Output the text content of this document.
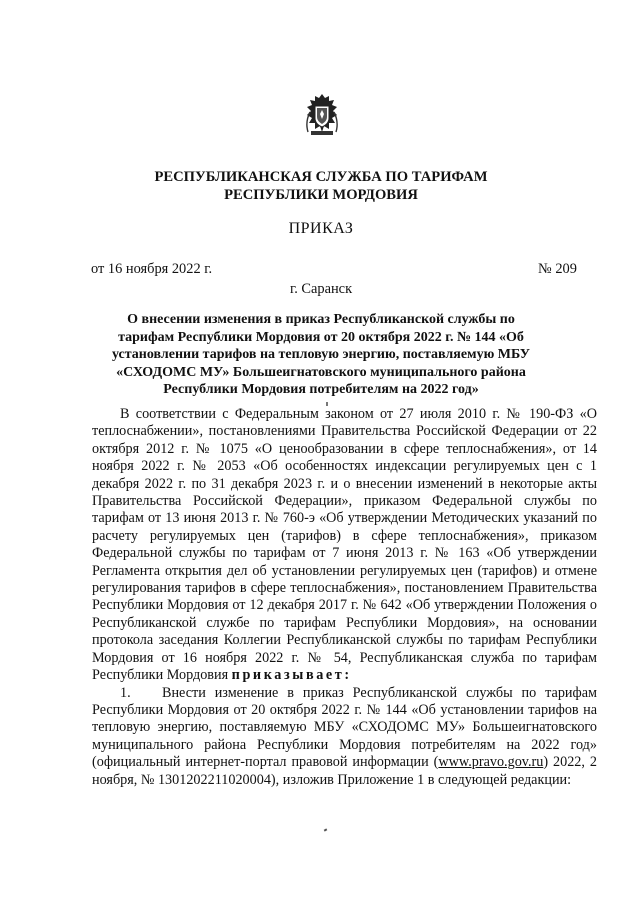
РЕСПУБЛИКАНСКАЯ СЛУЖБА ПО ТАРИФАМ
РЕСПУБЛИКИ МОРДОВИЯ
ПРИКАЗ
от 16 ноября 2022 г.	№ 209
г. Саранск
О внесении изменения в приказ Республиканской службы по тарифам Республики Мордовия от 20 октября 2022 г. № 144 «Об установлении тарифов на тепловую энергию, поставляемую МБУ «СХОДОМС МУ» Большеигнатовского муниципального района Республики Мордовия потребителям на 2022 год»

В соответствии с Федеральным законом от 27 июля 2010 г. № 190-ФЗ «О теплоснабжении», постановлениями Правительства Российской Федерации от 22 октября 2012 г. № 1075 «О ценообразовании в сфере теплоснабжения», от 14 ноября 2022 г. № 2053 «Об особенностях индексации регулируемых цен с 1 декабря 2022 г. по 31 декабря 2023 г. и о внесении изменений в некоторые акты Правительства Российской Федерации», приказом Федеральной службы по тарифам от 13 июня 2013 г. № 760-э «Об утверждении Методических указаний по расчету регулируемых цен (тарифов) в сфере теплоснабжения», приказом Федеральной службы по тарифам от 7 июня 2013 г. № 163 «Об утверждении Регламента открытия дел об установлении регулируемых цен (тарифов) и отмене регулирования тарифов в сфере теплоснабжения», постановлением Правительства Республики Мордовия от 12 декабря 2017 г. № 642 «Об утверждении Положения о Республиканской службе по тарифам Республики Мордовия», на основании протокола заседания Коллегии Республиканской службы по тарифам Республики Мордовия от 16 ноября 2022 г. № 54, Республиканская служба по тарифам Республики Мордовия приказывает:

1. Внести изменение в приказ Республиканской службы по тарифам Республики Мордовия от 20 октября 2022 г. № 144 «Об установлении тарифов на тепловую энергию, поставляемую МБУ «СХОДОМС МУ» Большеигнатовского муниципального района Республики Мордовия потребителям на 2022 год» (официальный интернет-портал правовой информации (www.pravo.gov.ru) 2022, 2 ноября, № 1301202211020004), изложив Приложение 1 в следующей редакции:
